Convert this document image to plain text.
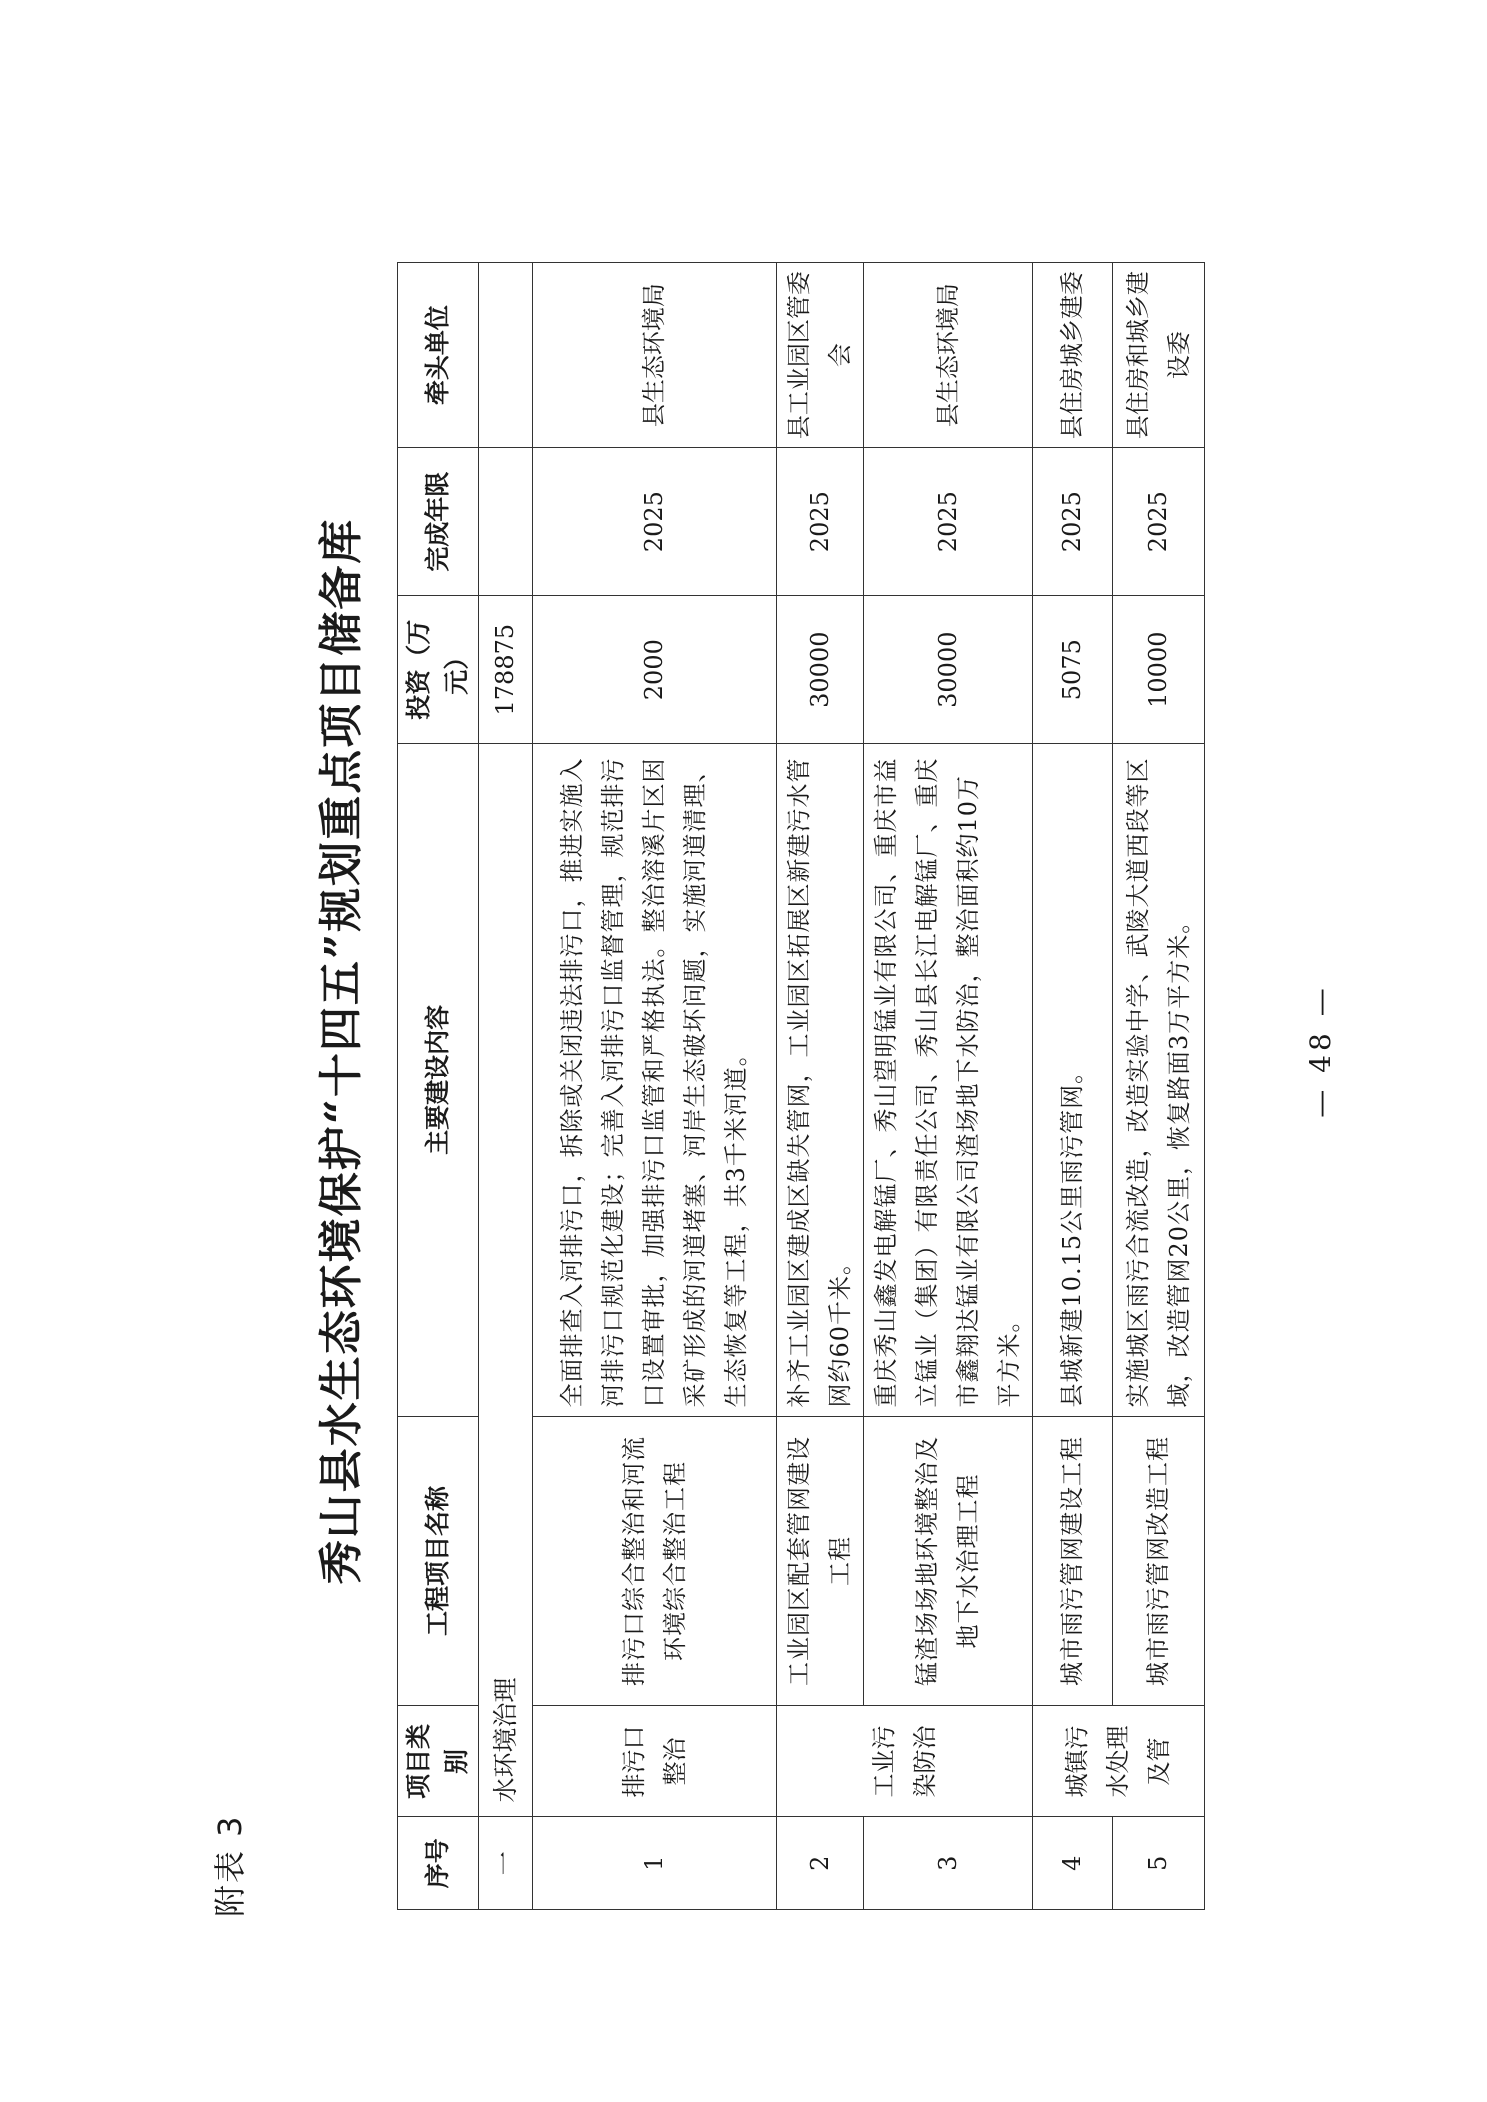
附表 3
秀山县水生态环境保护“十四五”规划重点项目储备库
序号	项目类别	工程项目名称	主要建设内容	投资（万元）	完成年限	牵头单位
一	水环境治理			178875		
1	排污口整治	排污口综合整治和河流环境综合整治工程	全面排查入河排污口，拆除或关闭违法排污口，推进实施入河排污口规范化建设；完善入河排污口监督管理，规范排污口设置审批，加强排污口监管和严格执法。整治溶溪片区因采矿形成的河道堵塞、河岸生态破坏问题，实施河道清理、生态恢复等工程，共3千米河道。	2000	2025	县生态环境局
2	工业污染防治	工业园区配套管网建设工程	补齐工业园区建成区缺失管网，工业园区拓展区新建污水管网约60千米。	30000	2025	县工业园区管委会
3		锰渣场场地环境整治及地下水治理工程	重庆秀山鑫发电解锰厂、秀山望明锰业有限公司、重庆市益立锰业（集团）有限责任公司、秀山县长江电解锰厂、重庆市鑫翔达锰业有限公司渣场地下水防治，整治面积约10万平方米。	30000	2025	县生态环境局
4	城镇污水处理及管	城市雨污管网建设工程	县城新建10.15公里雨污管网。	5075	2025	县住房城乡建委
5		城市雨污管网改造工程	实施城区雨污合流改造，改造实验中学、武陵大道西段等区域，改造管网20公里，恢复路面3万平方米。	10000	2025	县住房和城乡建设委
— 48 —
